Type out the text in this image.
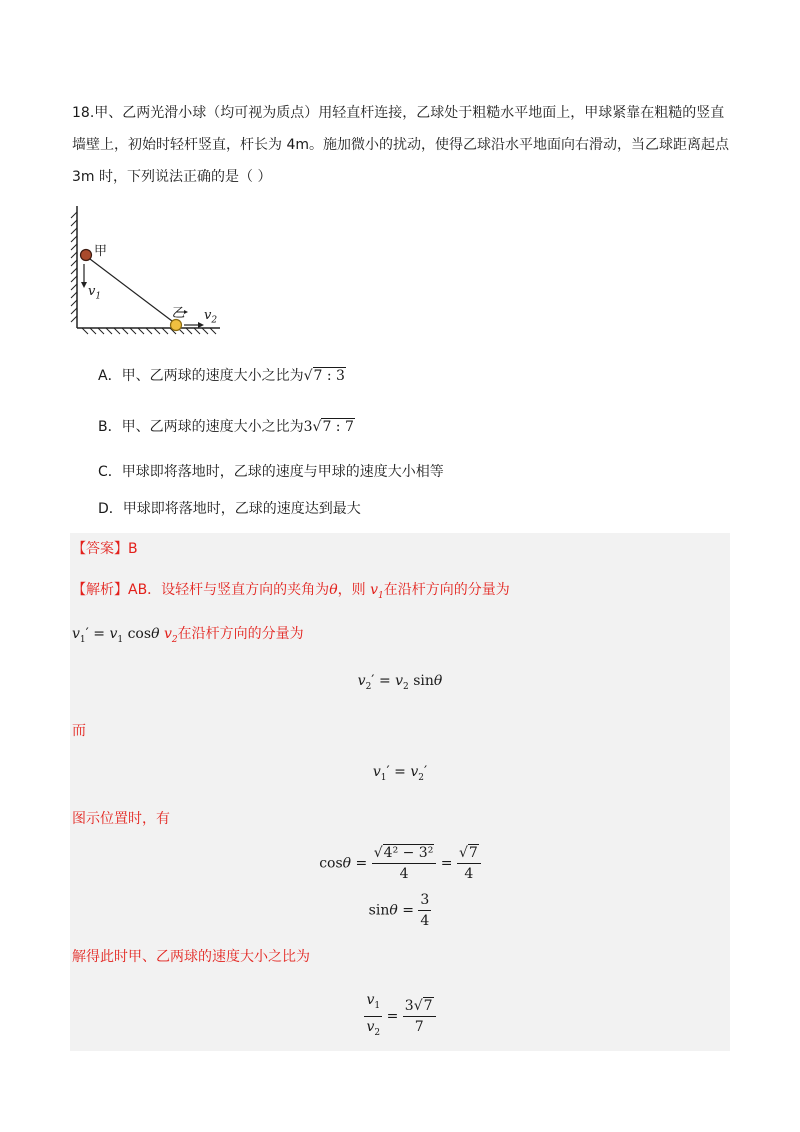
18.甲、乙两光滑小球（均可视为质点）用轻直杆连接，乙球处于粗糙水平地面上，甲球紧靠在粗糙的竖直
墙壁上，初始时轻杆竖直，杆长为 4m。施加微小的扰动，使得乙球沿水平地面向右滑动，当乙球距离起点
3m 时，下列说法正确的是（ ）
甲
$v_1$
乙 $v_2$
A．甲、乙两球的速度大小之比为√7 : 3
B．甲、乙两球的速度大小之比为3√7 : 7
C．甲球即将落地时，乙球的速度与甲球的速度大小相等
D．甲球即将落地时，乙球的速度达到最大
【答案】B
【解析】AB．设轻杆与竖直方向的夹角为θ，则 $v_1$在沿杆方向的分量为
$v_1' = v_1$ cosθ $v_2$在沿杆方向的分量为
$v_2' = v_2$ sinθ
而
$v_1' = v_2'$
图示位置时，有
$\cos\theta = \frac{\text{√4² − 3²}}{4} = \frac{√7}{4}$
$\sin\theta = \frac{3}{4}$
解得此时甲、乙两球的速度大小之比为
$\frac{v_1}{v_2} = \frac{3√7}{7}$
